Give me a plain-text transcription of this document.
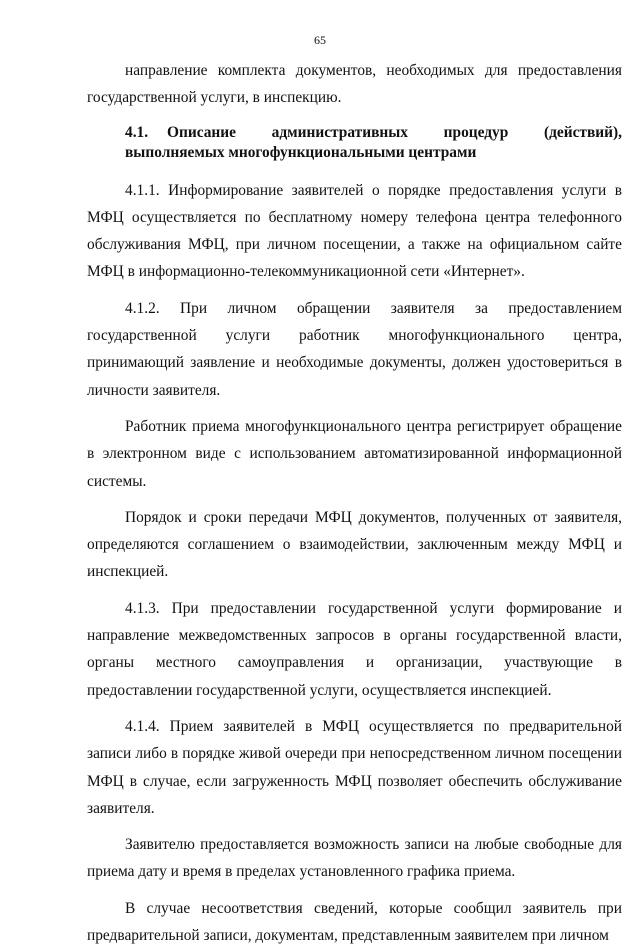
65

направление комплекта документов, необходимых для предоставления государственной услуги, в инспекцию.

4.1. Описание административных процедур (действий), выполняемых многофункциональными центрами

4.1.1. Информирование заявителей о порядке предоставления услуги в МФЦ осуществляется по бесплатному номеру телефона центра телефонного обслуживания МФЦ, при личном посещении, а также на официальном сайте МФЦ в информационно-телекоммуникационной сети «Интернет».

4.1.2. При личном обращении заявителя за предоставлением государственной услуги работник многофункционального центра, принимающий заявление и необходимые документы, должен удостовериться в личности заявителя.

Работник приема многофункционального центра регистрирует обращение в электронном виде с использованием автоматизированной информационной системы.

Порядок и сроки передачи МФЦ документов, полученных от заявителя, определяются соглашением о взаимодействии, заключенным между МФЦ и инспекцией.

4.1.3. При предоставлении государственной услуги формирование и направление межведомственных запросов в органы государственной власти, органы местного самоуправления и организации, участвующие в предоставлении государственной услуги, осуществляется инспекцией.

4.1.4. Прием заявителей в МФЦ осуществляется по предварительной записи либо в порядке живой очереди при непосредственном личном посещении МФЦ в случае, если загруженность МФЦ позволяет обеспечить обслуживание заявителя.

Заявителю предоставляется возможность записи на любые свободные для приема дату и время в пределах установленного графика приема.

В случае несоответствия сведений, которые сообщил заявитель при предварительной записи, документам, представленным заявителем при личном
